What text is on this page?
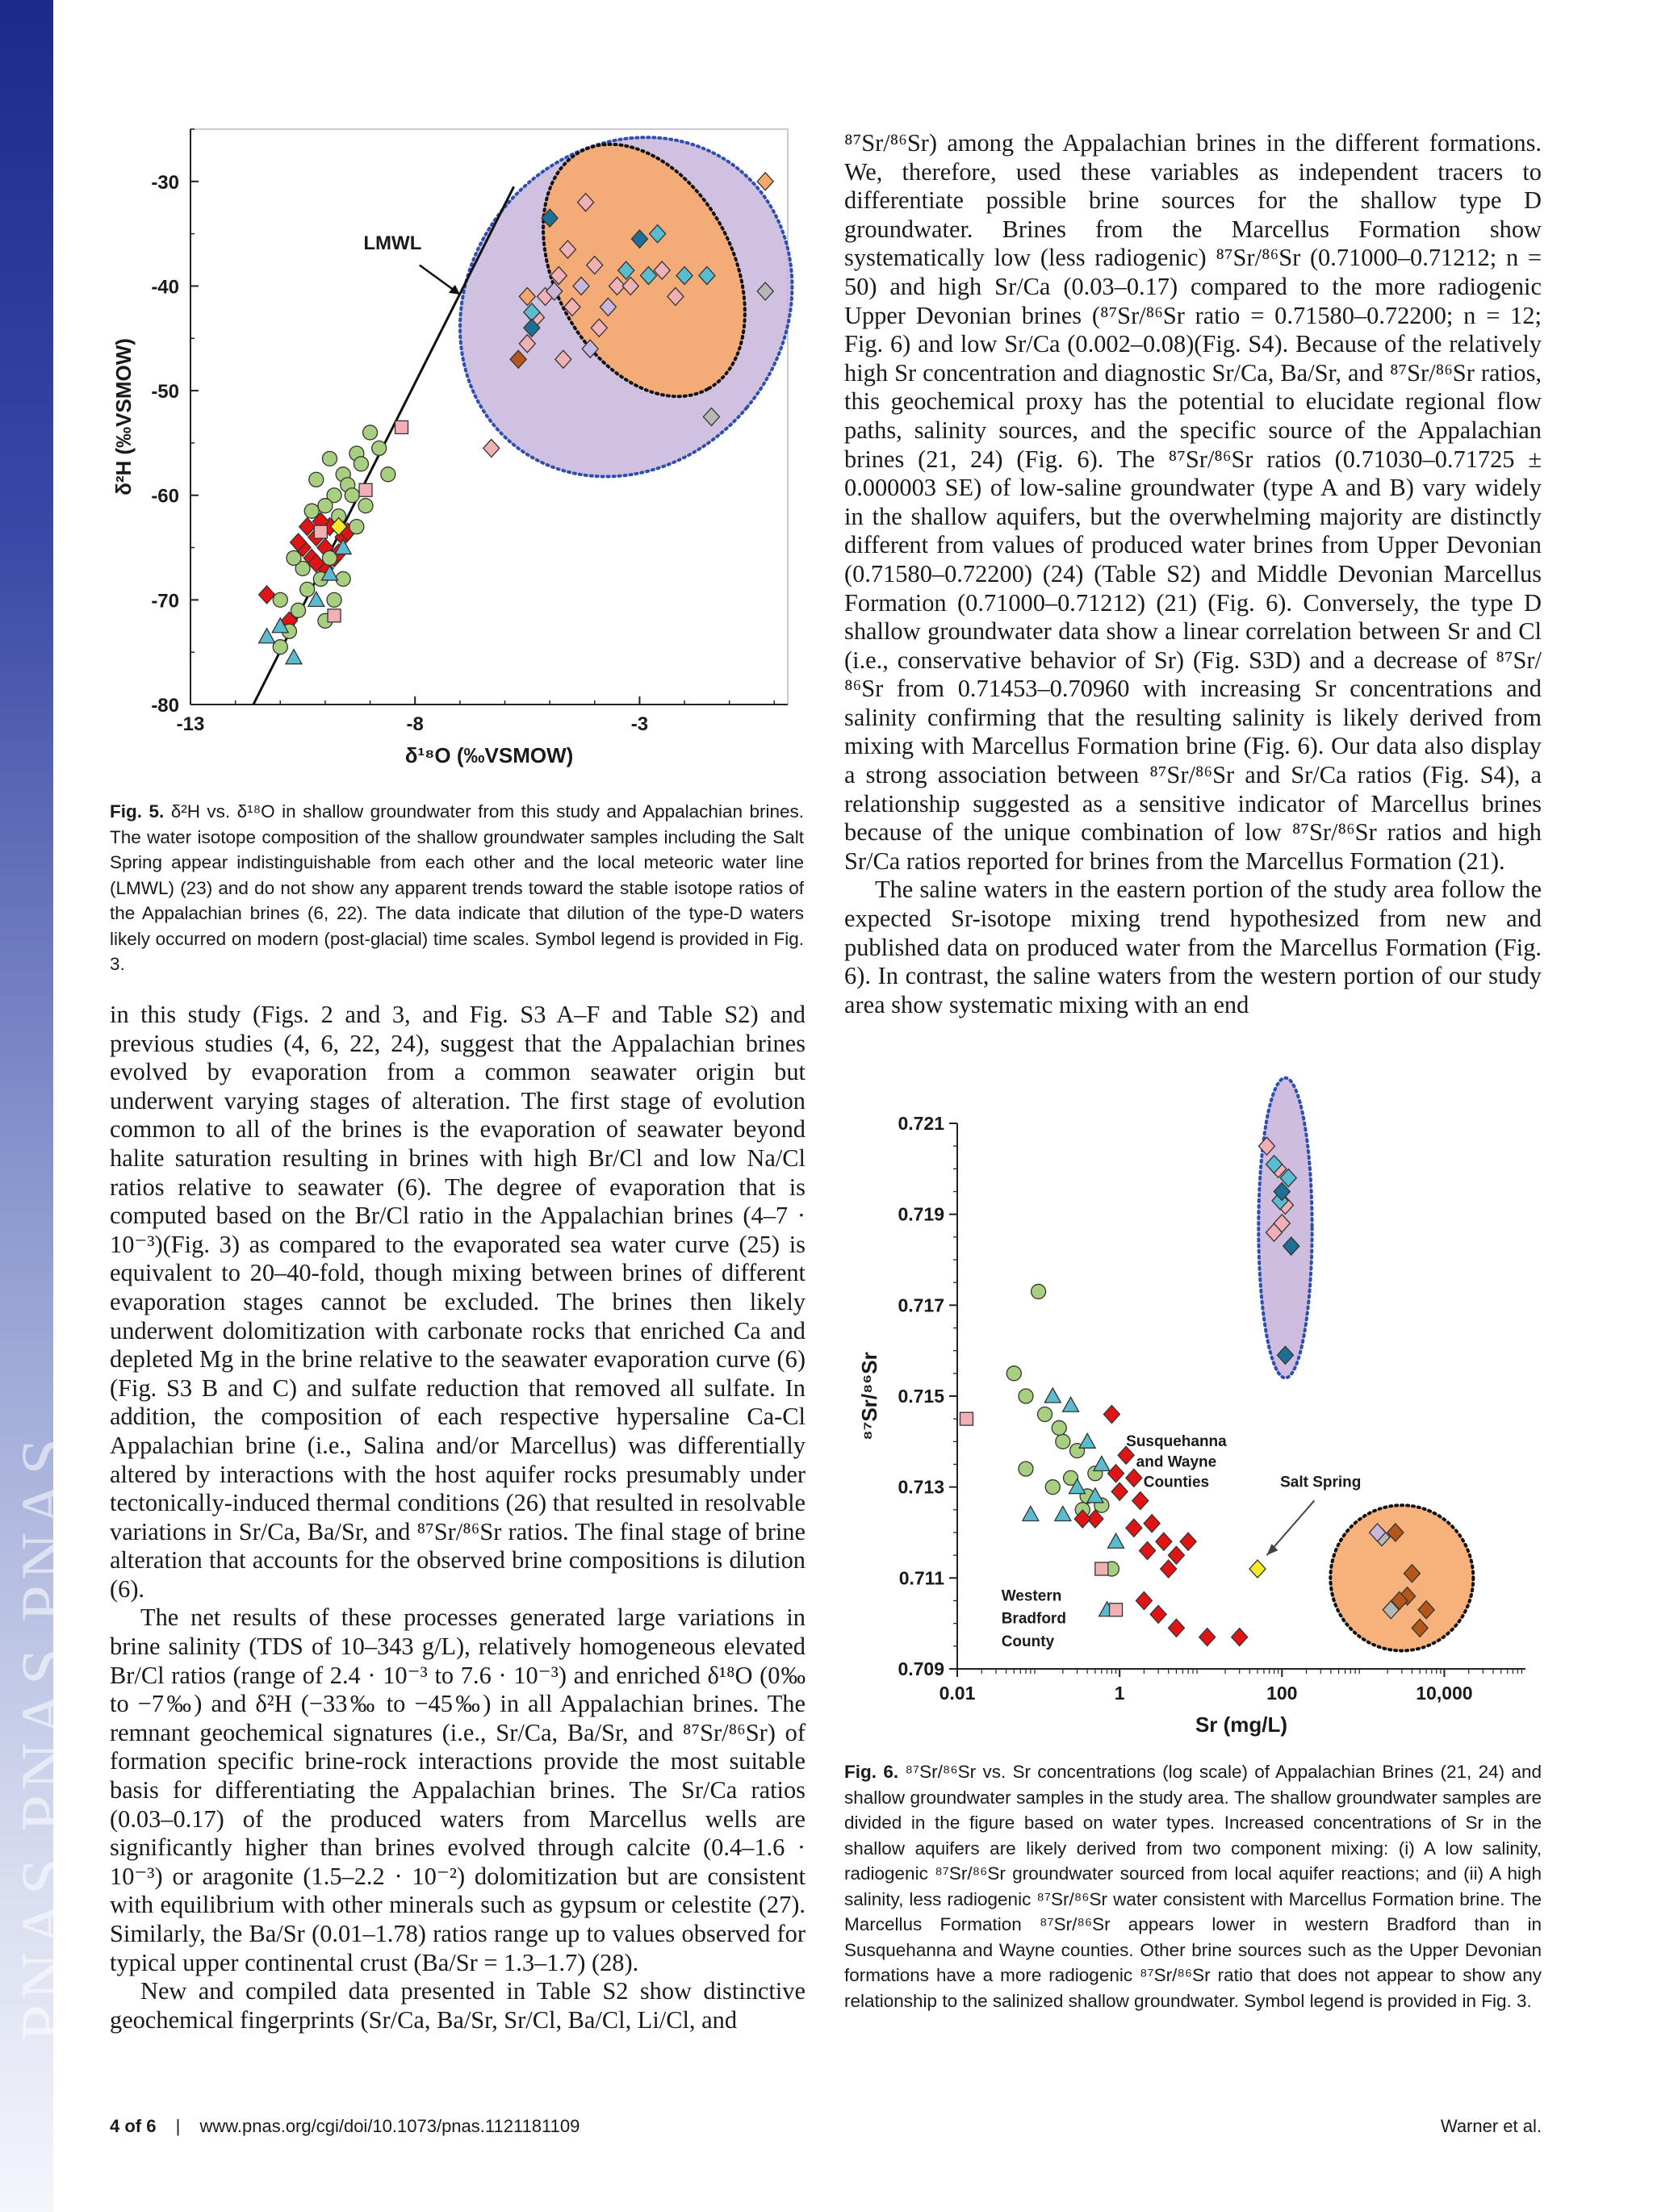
PNAS PNAS PNAS
-30
-40
-50
-60
-70
-80
-13	-8	-3
δ¹⁸O (‰VSMOW)
δ²H (‰VSMOW)
LMWL
Fig. 5. δ²H vs. δ¹⁸O in shallow groundwater from this study and Appalachian brines. The water isotope composition of the shallow groundwater samples including the Salt Spring appear indistinguishable from each other and the local meteoric water line (LMWL) (23) and do not show any apparent trends toward the stable isotope ratios of the Appalachian brines (6, 22). The data indicate that dilution of the type-D waters likely occurred on modern (post-glacial) time scales. Symbol legend is provided in Fig. 3.

in this study (Figs. 2 and 3, and Fig. S3 A–F and Table S2) and previous studies (4, 6, 22, 24), suggest that the Appalachian brines evolved by evaporation from a common seawater origin but underwent varying stages of alteration. The first stage of evolution common to all of the brines is the evaporation of seawater beyond halite saturation resulting in brines with high Br/Cl and low Na/Cl ratios relative to seawater (6). The degree of evaporation that is computed based on the Br/Cl ratio in the Appalachian brines (4–7 · 10⁻³)(Fig. 3) as compared to the evaporated sea water curve (25) is equivalent to 20–40-fold, though mixing between brines of different evaporation stages cannot be excluded. The brines then likely underwent dolomitization with carbonate rocks that enriched Ca and depleted Mg in the brine relative to the seawater evaporation curve (6) (Fig. S3 B and C) and sulfate reduction that removed all sulfate. In addition, the composition of each respective hypersaline Ca-Cl Appalachian brine (i.e., Salina and/or Marcellus) was differentially altered by interactions with the host aquifer rocks presumably under tectonically-induced thermal conditions (26) that resulted in resolvable variations in Sr/Ca, Ba/Sr, and ⁸⁷Sr/⁸⁶Sr ratios. The final stage of brine alteration that accounts for the observed brine compositions is dilution (6).

The net results of these processes generated large variations in brine salinity (TDS of 10–343 g/L), relatively homogeneous elevated Br/Cl ratios (range of 2.4 · 10⁻³ to 7.6 · 10⁻³) and enriched δ¹⁸O (0‰ to −7‰) and δ²H (−33‰ to −45‰) in all Appalachian brines. The remnant geochemical signatures (i.e., Sr/Ca, Ba/Sr, and ⁸⁷Sr/⁸⁶Sr) of formation specific brine-rock interactions provide the most suitable basis for differentiating the Appalachian brines. The Sr/Ca ratios (0.03–0.17) of the produced waters from Marcellus wells are significantly higher than brines evolved through calcite (0.4–1.6 · 10⁻³) or aragonite (1.5–2.2 · 10⁻²) dolomitization but are consistent with equilibrium with other minerals such as gypsum or celestite (27). Similarly, the Ba/Sr (0.01–1.78) ratios range up to values observed for typical upper continental crust (Ba/Sr = 1.3–1.7) (28).

New and compiled data presented in Table S2 show distinctive geochemical fingerprints (Sr/Ca, Ba/Sr, Sr/Cl, Ba/Cl, Li/Cl, and

⁸⁷Sr/⁸⁶Sr) among the Appalachian brines in the different formations. We, therefore, used these variables as independent tracers to differentiate possible brine sources for the shallow type D groundwater. Brines from the Marcellus Formation show systematically low (less radiogenic) ⁸⁷Sr/⁸⁶Sr (0.71000–0.71212; n = 50) and high Sr/Ca (0.03–0.17) compared to the more radiogenic Upper Devonian brines (⁸⁷Sr/⁸⁶Sr ratio = 0.71580–0.72200; n = 12; Fig. 6) and low Sr/Ca (0.002–0.08)(Fig. S4). Because of the relatively high Sr concentration and diagnostic Sr/Ca, Ba/Sr, and ⁸⁷Sr/⁸⁶Sr ratios, this geochemical proxy has the potential to elucidate regional flow paths, salinity sources, and the specific source of the Appalachian brines (21, 24) (Fig. 6). The ⁸⁷Sr/⁸⁶Sr ratios (0.71030–0.71725 ± 0.000003 SE) of low-saline groundwater (type A and B) vary widely in the shallow aquifers, but the overwhelming majority are distinctly different from values of produced water brines from Upper Devonian (0.71580–0.72200) (24) (Table S2) and Middle Devonian Marcellus Formation (0.71000–0.71212) (21) (Fig. 6). Conversely, the type D shallow groundwater data show a linear correlation between Sr and Cl (i.e., conservative behavior of Sr) (Fig. S3D) and a decrease of ⁸⁷Sr/⁸⁶Sr from 0.71453–0.70960 with increasing Sr concentrations and salinity confirming that the resulting salinity is likely derived from mixing with Marcellus Formation brine (Fig. 6). Our data also display a strong association between ⁸⁷Sr/⁸⁶Sr and Sr/Ca ratios (Fig. S4), a relationship suggested as a sensitive indicator of Marcellus brines because of the unique combination of low ⁸⁷Sr/⁸⁶Sr ratios and high Sr/Ca ratios reported for brines from the Marcellus Formation (21).

The saline waters in the eastern portion of the study area follow the expected Sr-isotope mixing trend hypothesized from new and published data on produced water from the Marcellus Formation (Fig. 6). In contrast, the saline waters from the western portion of our study area show systematic mixing with an end

0.721
0.719
0.717
0.715
0.713
0.711
0.709
0.01	1	100	10,000
Sr (mg/L)
⁸⁷Sr/⁸⁶Sr
Susquehanna
and Wayne
Counties	Salt Spring
Western
Bradford
County
Fig. 6. ⁸⁷Sr/⁸⁶Sr vs. Sr concentrations (log scale) of Appalachian Brines (21, 24) and shallow groundwater samples in the study area. The shallow groundwater samples are divided in the figure based on water types. Increased concentrations of Sr in the shallow aquifers are likely derived from two component mixing: (i) A low salinity, radiogenic ⁸⁷Sr/⁸⁶Sr groundwater sourced from local aquifer reactions; and (ii) A high salinity, less radiogenic ⁸⁷Sr/⁸⁶Sr water consistent with Marcellus Formation brine. The Marcellus Formation ⁸⁷Sr/⁸⁶Sr appears lower in western Bradford than in Susquehanna and Wayne counties. Other brine sources such as the Upper Devonian formations have a more radiogenic ⁸⁷Sr/⁸⁶Sr ratio that does not appear to show any relationship to the salinized shallow groundwater. Symbol legend is provided in Fig. 3.
4 of 6 | www.pnas.org/cgi/doi/10.1073/pnas.1121181109	Warner et al.
